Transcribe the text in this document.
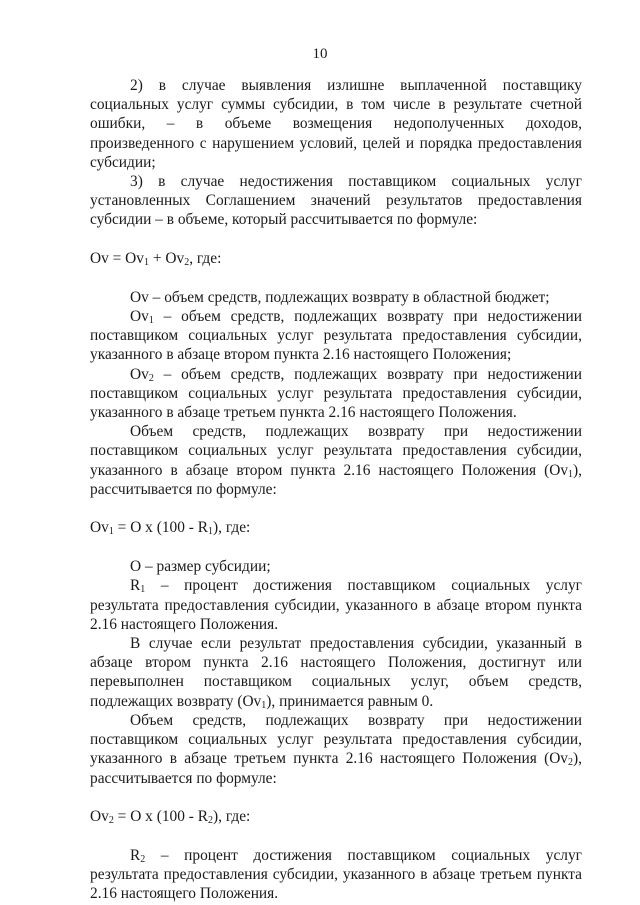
10

2) в случае выявления излишне выплаченной поставщику социальных услуг суммы субсидии, в том числе в результате счетной ошибки, – в объеме возмещения недополученных доходов, произведенного с нарушением условий, целей и порядка предоставления субсидии;

3) в случае недостижения поставщиком социальных услуг установленных Соглашением значений результатов предоставления субсидии – в объеме, который рассчитывается по формуле:

$Ov = Ov_1 + Ov_2$, где:

Ov – объем средств, подлежащих возврату в областной бюджет;

$Ov_1$ – объем средств, подлежащих возврату при недостижении поставщиком социальных услуг результата предоставления субсидии, указанного в абзаце втором пункта 2.16 настоящего Положения;

$Ov_2$ – объем средств, подлежащих возврату при недостижении поставщиком социальных услуг результата предоставления субсидии, указанного в абзаце третьем пункта 2.16 настоящего Положения.

Объем средств, подлежащих возврату при недостижении поставщиком социальных услуг результата предоставления субсидии, указанного в абзаце втором пункта 2.16 настоящего Положения $(Ov_1)$, рассчитывается по формуле:

$Ov_1 = O$ x $(100 - R_1)$, где:

O – размер субсидии;

$R_1$ – процент достижения поставщиком социальных услуг результата предоставления субсидии, указанного в абзаце втором пункта 2.16 настоящего Положения.

В случае если результат предоставления субсидии, указанный в абзаце втором пункта 2.16 настоящего Положения, достигнут или перевыполнен поставщиком социальных услуг, объем средств, подлежащих возврату $(Ov_1)$, принимается равным 0.

Объем средств, подлежащих возврату при недостижении поставщиком социальных услуг результата предоставления субсидии, указанного в абзаце третьем пункта 2.16 настоящего Положения $(Ov_2)$, рассчитывается по формуле:

$Ov_2 = O$ x $(100 - R_2)$, где:

$R_2$ – процент достижения поставщиком социальных услуг результата предоставления субсидии, указанного в абзаце третьем пункта 2.16 настоящего Положения.
